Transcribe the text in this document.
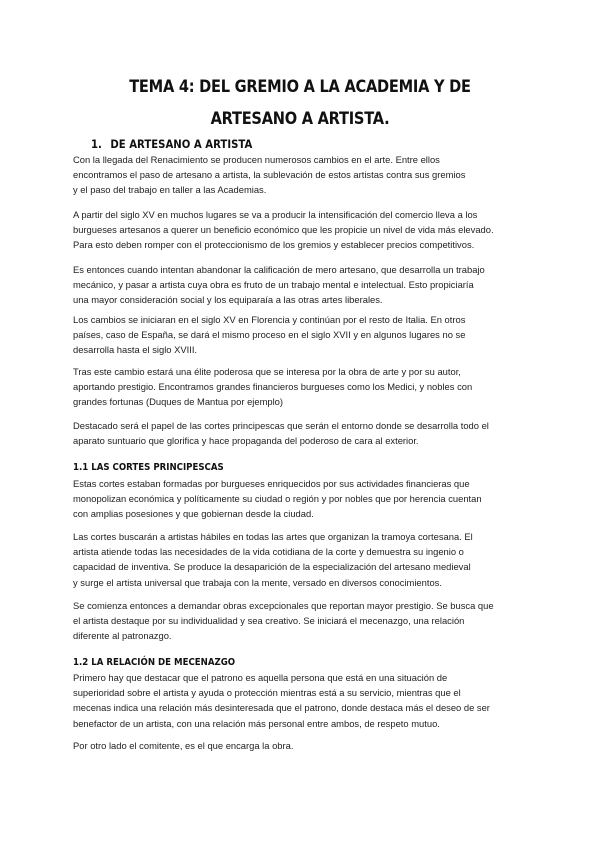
TEMA 4: DEL GREMIO A LA ACADEMIA Y DE
ARTESANO A ARTISTA.
1. DE ARTESANO A ARTISTA
Con la llegada del Renacimiento se producen numerosos cambios en el arte. Entre ellos
encontramos el paso de artesano a artista, la sublevación de estos artistas contra sus gremios
y el paso del trabajo en taller a las Academias.
A partir del siglo XV en muchos lugares se va a producir la intensificación del comercio lleva a los
burgueses artesanos a querer un beneficio económico que les propicie un nivel de vida más elevado.
Para esto deben romper con el proteccionismo de los gremios y establecer precios competitivos.
Es entonces cuando intentan abandonar la calificación de mero artesano, que desarrolla un trabajo
mecánico, y pasar a artista cuya obra es fruto de un trabajo mental e intelectual. Esto propiciaría
una mayor consideración social y los equiparaía a las otras artes liberales.
Los cambios se iniciaran en el siglo XV en Florencia y continúan por el resto de Italia. En otros
países, caso de España, se dará el mismo proceso en el siglo XVII y en algunos lugares no se
desarrolla hasta el siglo XVIII.
Tras este cambio estará una élite poderosa que se interesa por la obra de arte y por su autor,
aportando prestigio. Encontramos grandes financieros burgueses como los Medici, y nobles con
grandes fortunas (Duques de Mantua por ejemplo)
Destacado será el papel de las cortes principescas que serán el entorno donde se desarrolla todo el
aparato suntuario que glorifica y hace propaganda del poderoso de cara al exterior.
1.1 LAS CORTES PRINCIPESCAS
Estas cortes estaban formadas por burgueses enriquecidos por sus actividades financieras que
monopolizan económica y políticamente su ciudad o región y por nobles que por herencia cuentan
con amplias posesiones y que gobiernan desde la ciudad.
Las cortes buscarán a artistas hábiles en todas las artes que organizan la tramoya cortesana. El
artista atiende todas las necesidades de la vida cotidiana de la corte y demuestra su ingenio o
capacidad de inventiva. Se produce la desaparición de la especialización del artesano medieval
y surge el artista universal que trabaja con la mente, versado en diversos conocimientos.
Se comienza entonces a demandar obras excepcionales que reportan mayor prestigio. Se busca que
el artista destaque por su individualidad y sea creativo. Se iniciará el mecenazgo, una relación
diferente al patronazgo.
1.2 LA RELACIÓN DE MECENAZGO
Primero hay que destacar que el patrono es aquella persona que está en una situación de
superioridad sobre el artista y ayuda o protección mientras está a su servicio, mientras que el
mecenas indica una relación más desinteresada que el patrono, donde destaca más el deseo de ser
benefactor de un artista, con una relación más personal entre ambos, de respeto mutuo.
Por otro lado el comitente, es el que encarga la obra.
